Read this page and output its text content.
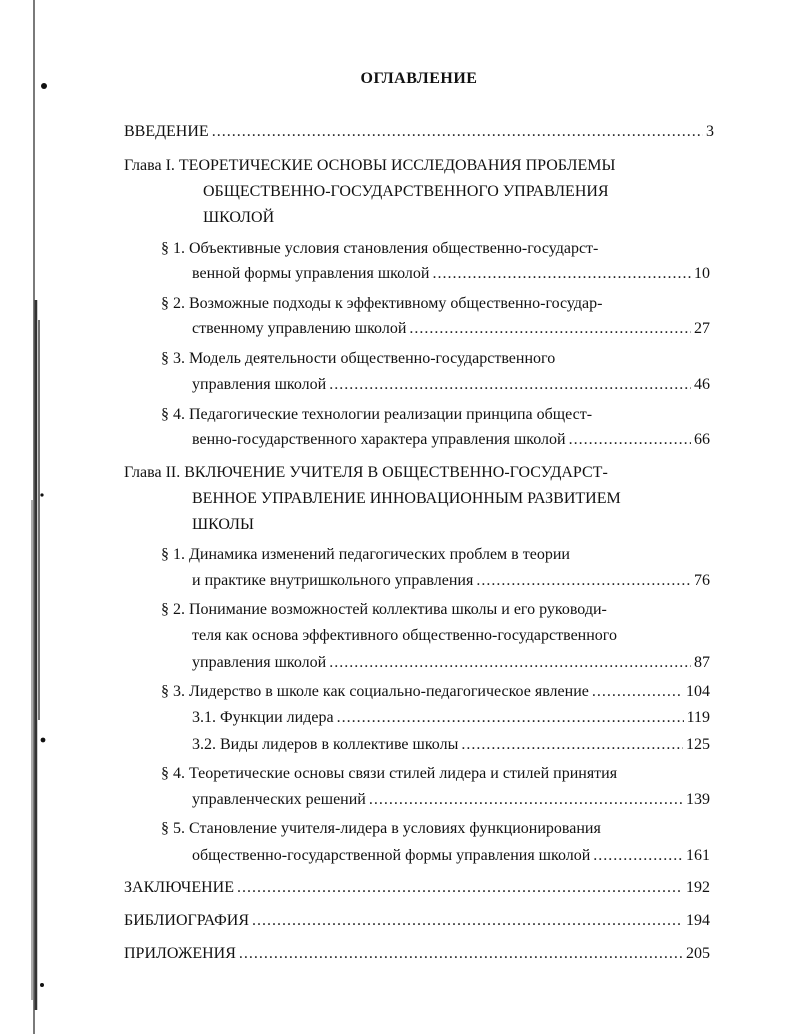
ОГЛАВЛЕНИЕ
ВВЕДЕНИЕ .....	3
Глава I. ТЕОРЕТИЧЕСКИЕ ОСНОВЫ ИССЛЕДОВАНИЯ ПРОБЛЕМЫ
ОБЩЕСТВЕННО-ГОСУДАРСТВЕННОГО УПРАВЛЕНИЯ
ШКОЛОЙ
§ 1. Объективные условия становления общественно-государст-
венной формы управления школой .....	10
§ 2. Возможные подходы к эффективному общественно-государ-
ственному управлению школой .....	27
§ 3. Модель деятельности общественно-государственного
управления школой .....	46
§ 4. Педагогические технологии реализации принципа общест-
венно-государственного характера управления школой .....	66
Глава II. ВКЛЮЧЕНИЕ УЧИТЕЛЯ В ОБЩЕСТВЕННО-ГОСУДАРСТ-
ВЕННОЕ УПРАВЛЕНИЕ ИННОВАЦИОННЫМ РАЗВИТИЕМ
ШКОЛЫ
§ 1. Динамика изменений педагогических проблем в теории
и практике внутришкольного управления .....	76
§ 2. Понимание возможностей коллектива школы и его руководи-
теля как основа эффективного общественно-государственного
управления школой .....	87
§ 3. Лидерство в школе как социально-педагогическое явление .....	104
3.1. Функции лидера .....	119
3.2. Виды лидеров в коллективе школы .....	125
§ 4. Теоретические основы связи стилей лидера и стилей принятия
управленческих решений .....	139
§ 5. Становление учителя-лидера в условиях функционирования
общественно-государственной формы управления школой .....	161
ЗАКЛЮЧЕНИЕ .....	192
БИБЛИОГРАФИЯ .....	194
ПРИЛОЖЕНИЯ .....	205
